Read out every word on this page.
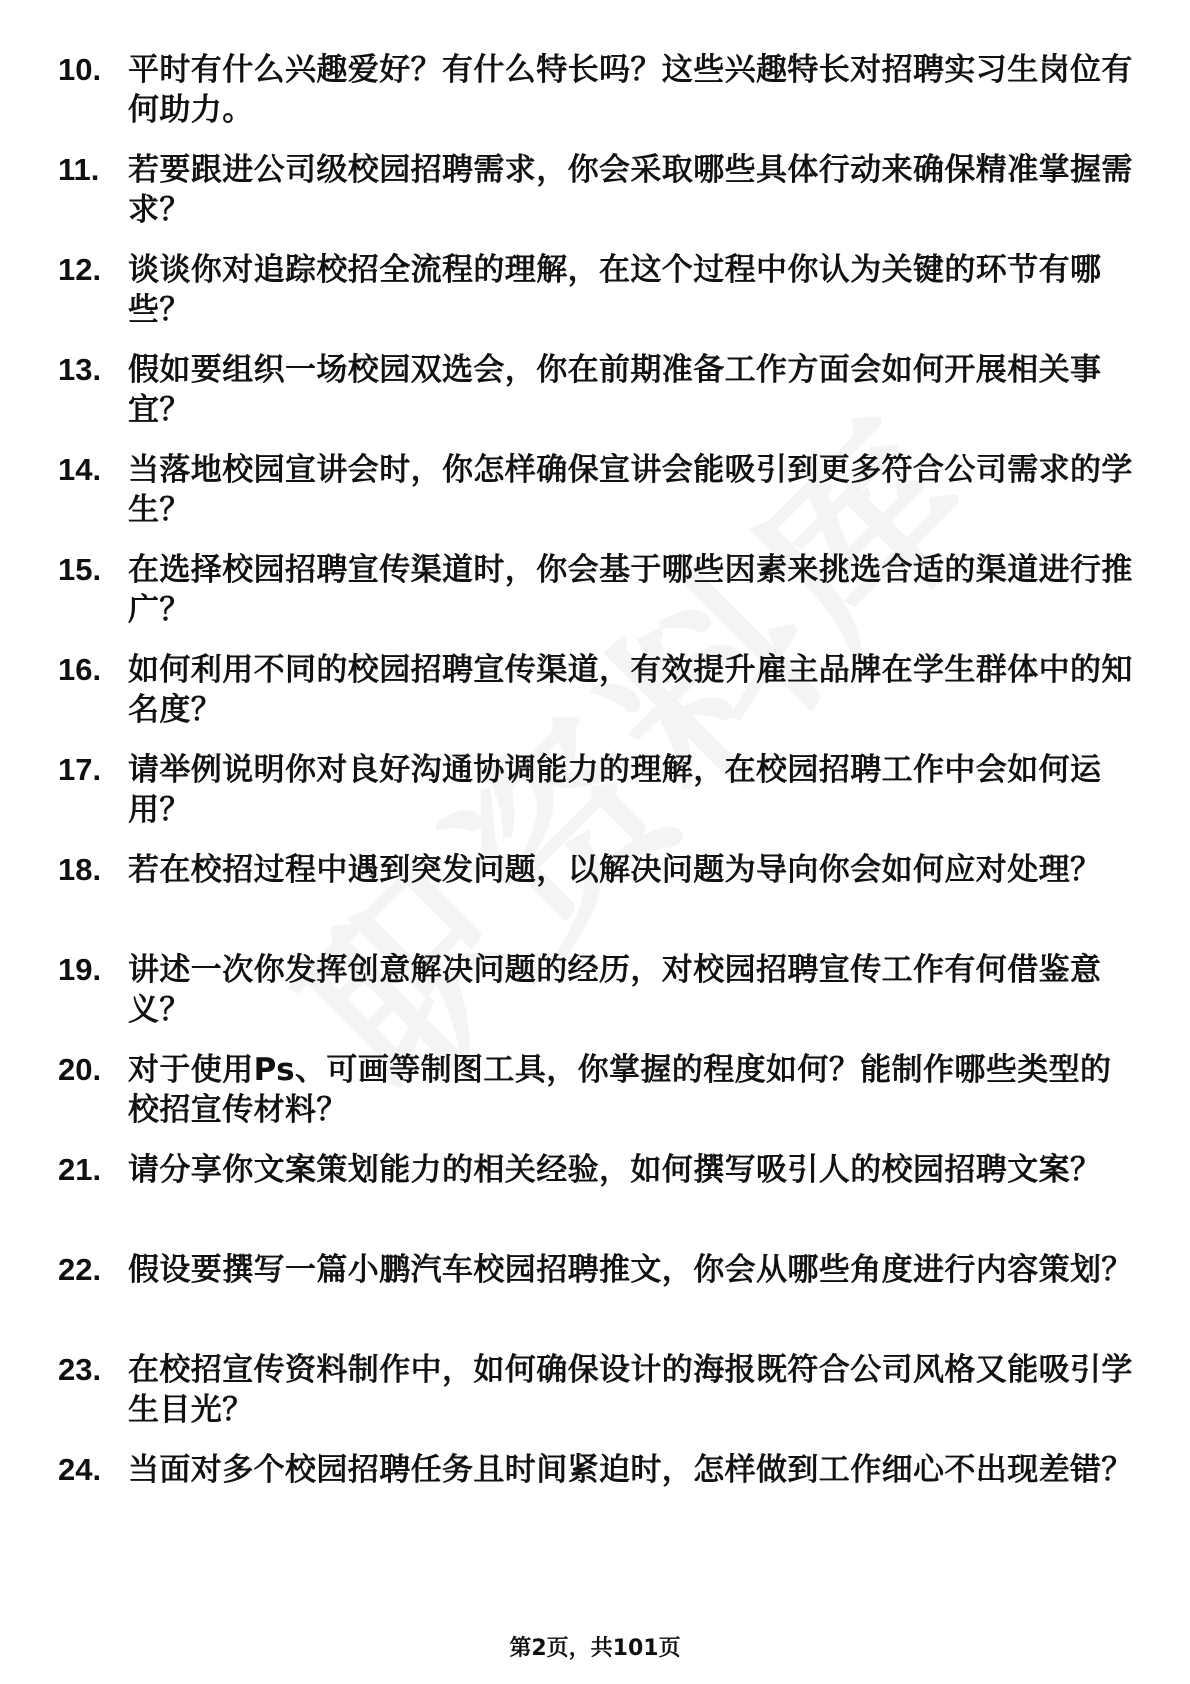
10. 平时有什么兴趣爱好？有什么特长吗？这些兴趣特长对招聘实习生岗位有何助力。
11. 若要跟进公司级校园招聘需求，你会采取哪些具体行动来确保精准掌握需求？
12. 谈谈你对追踪校招全流程的理解，在这个过程中你认为关键的环节有哪些？
13. 假如要组织一场校园双选会，你在前期准备工作方面会如何开展相关事宜？
14. 当落地校园宣讲会时，你怎样确保宣讲会能吸引到更多符合公司需求的学生？
15. 在选择校园招聘宣传渠道时，你会基于哪些因素来挑选合适的渠道进行推广？
16. 如何利用不同的校园招聘宣传渠道，有效提升雇主品牌在学生群体中的知名度？
17. 请举例说明你对良好沟通协调能力的理解，在校园招聘工作中会如何运用？
18. 若在校招过程中遇到突发问题，以解决问题为导向你会如何应对处理？
19. 讲述一次你发挥创意解决问题的经历，对校园招聘宣传工作有何借鉴意义？
20. 对于使用Ps、可画等制图工具，你掌握的程度如何？能制作哪些类型的校招宣传材料？
21. 请分享你文案策划能力的相关经验，如何撰写吸引人的校园招聘文案？
22. 假设要撰写一篇小鹏汽车校园招聘推文，你会从哪些角度进行内容策划？
23. 在校招宣传资料制作中，如何确保设计的海报既符合公司风格又能吸引学生目光？
24. 当面对多个校园招聘任务且时间紧迫时，怎样做到工作细心不出现差错？
第2页，共101页
